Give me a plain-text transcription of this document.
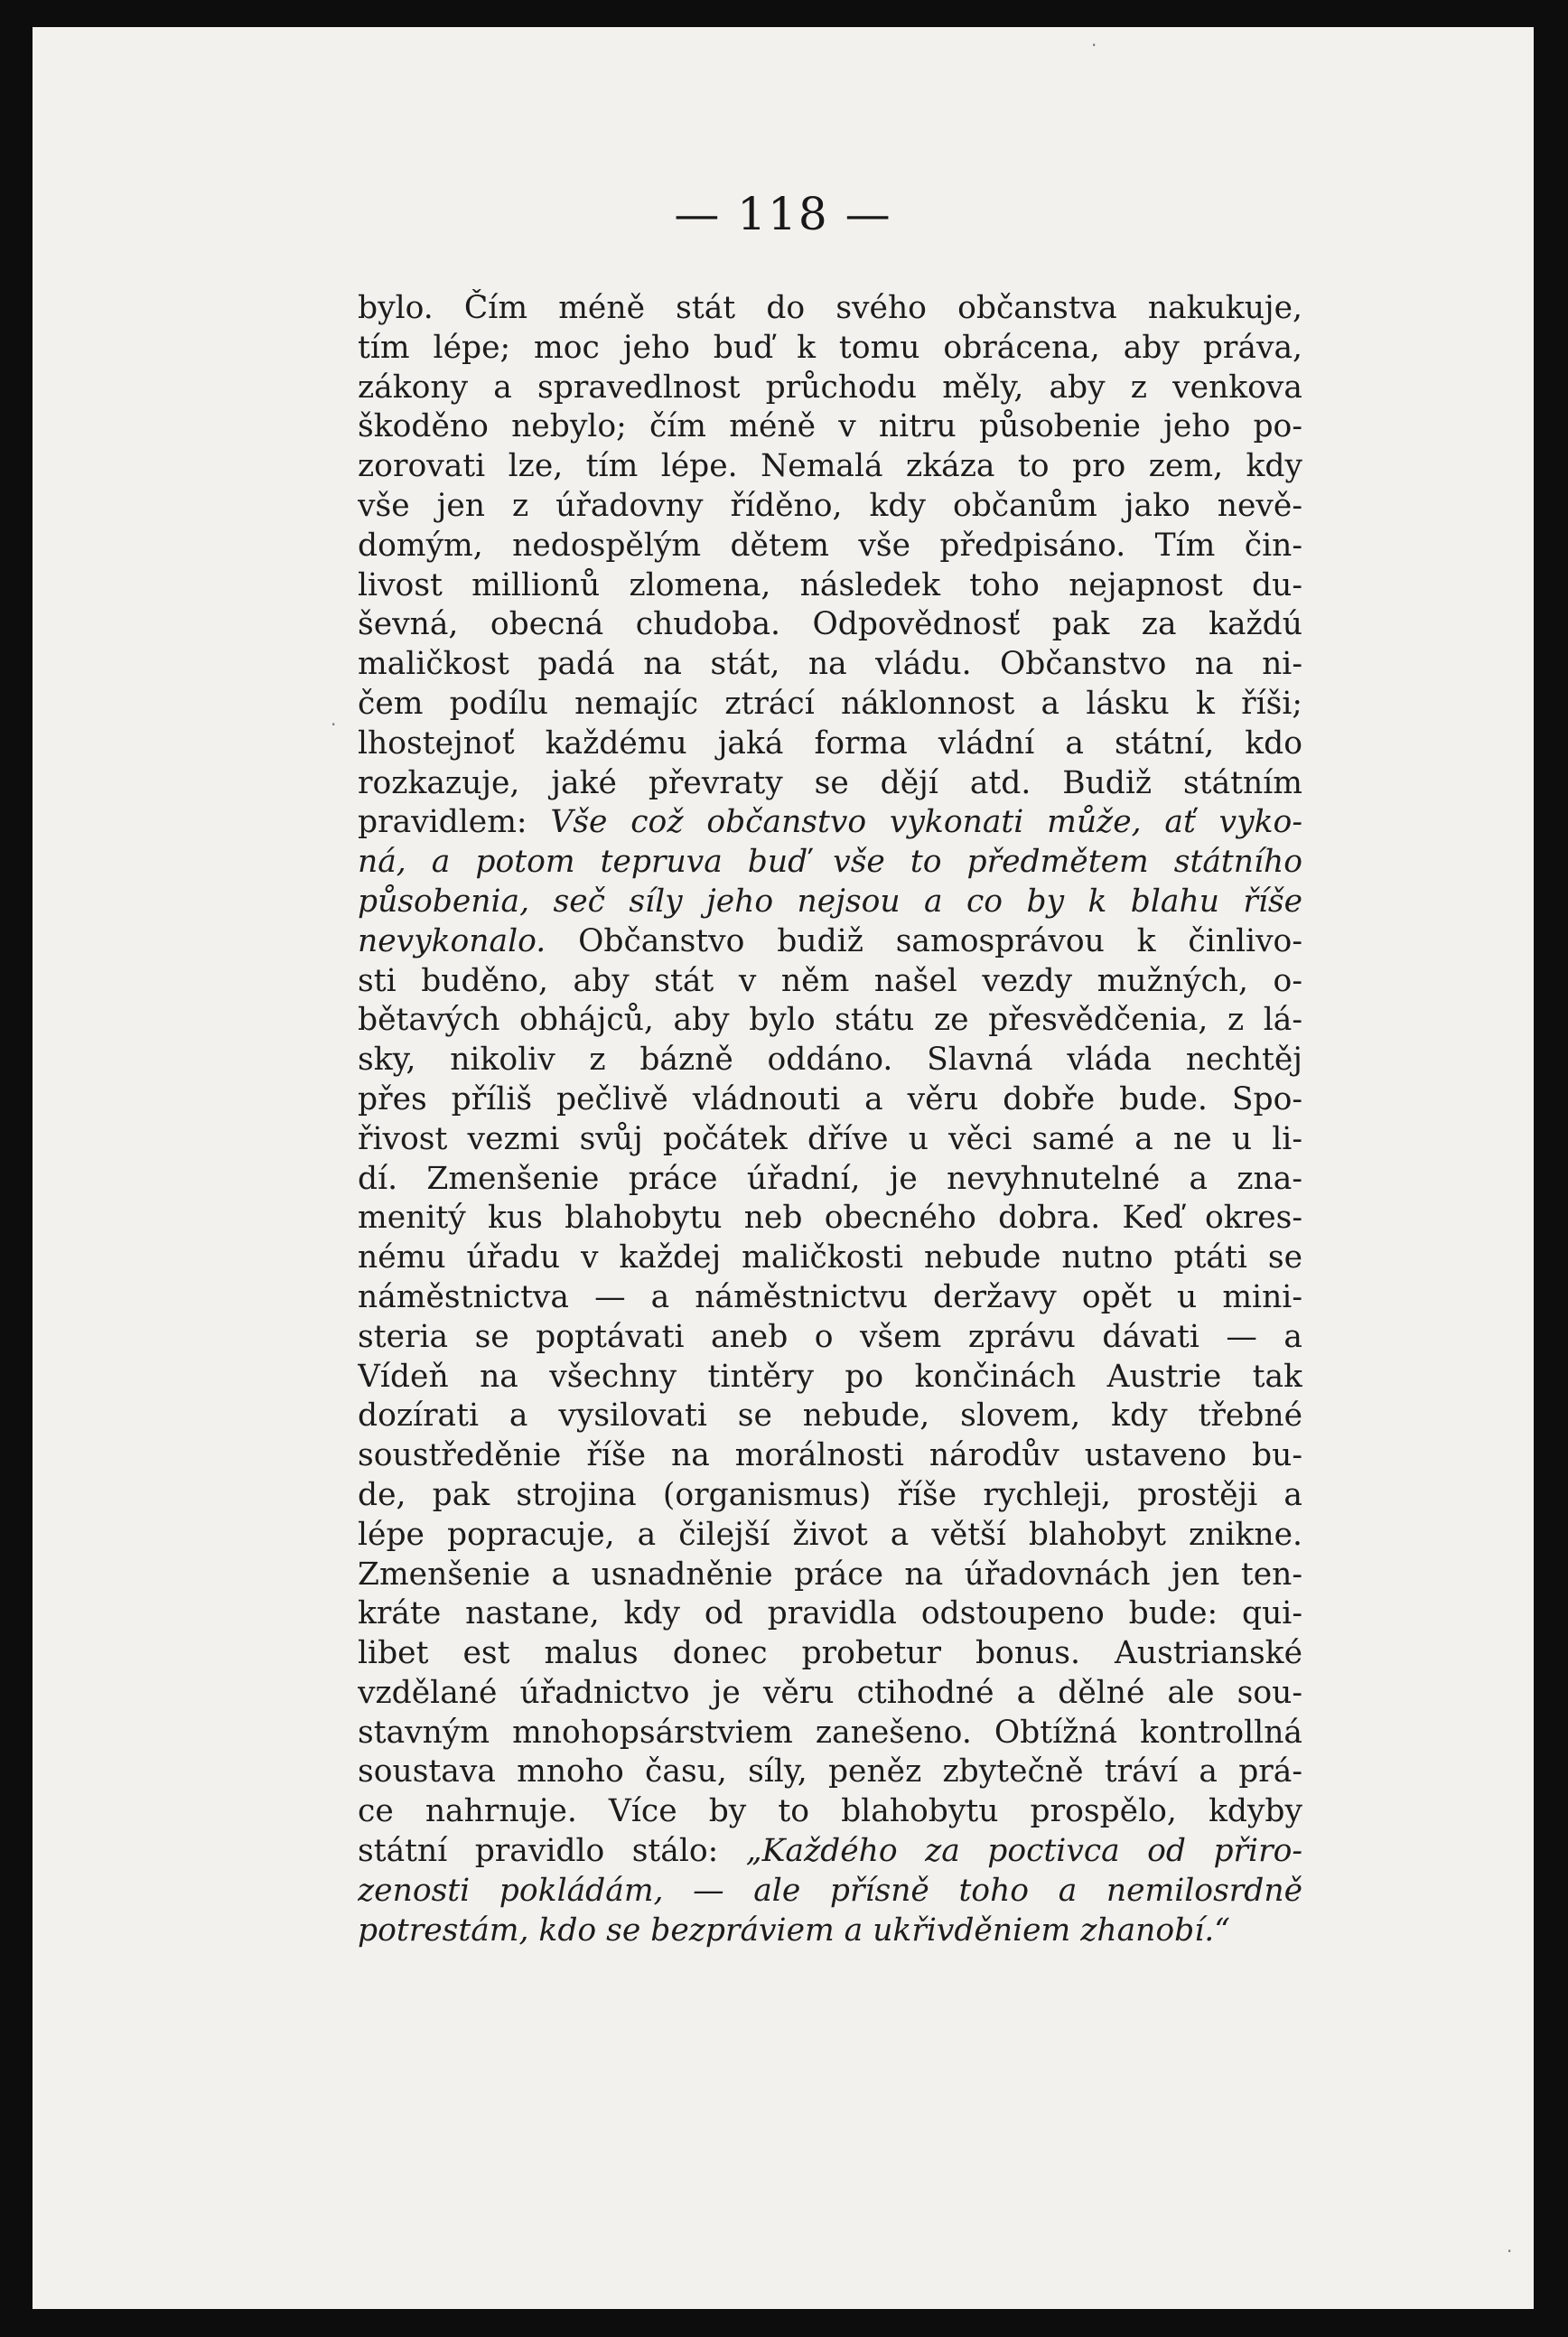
— 118 —
bylo. Čím méně stát do svého občanstva nakukuje,
tím lépe; moc jeho buď k tomu obrácena, aby práva,
zákony a spravedlnost průchodu měly, aby z venkova
škoděno nebylo; čím méně v nitru působenie jeho po-
zorovati lze, tím lépe. Nemalá zkáza to pro zem, kdy
vše jen z úřadovny říděno, kdy občanům jako nevě-
domým, nedospělým dětem vše předpisáno. Tím čin-
livost millionů zlomena, následek toho nejapnost du-
ševná, obecná chudoba. Odpovědnosť pak za každú
maličkost padá na stát, na vládu. Občanstvo na ni-
čem podílu nemajíc ztrácí náklonnost a lásku k říši;
lhostejnoť každému jaká forma vládní a státní, kdo
rozkazuje, jaké převraty se dějí atd. Budiž státním
pravidlem: Vše což občanstvo vykonati může, ať vyko-
ná, a potom tepruva buď vše to předmětem státního
působenia, seč síly jeho nejsou a co by k blahu říše
nevykonalo. Občanstvo budiž samosprávou k činlivo-
sti buděno, aby stát v něm našel vezdy mužných, o-
bětavých obhájců, aby bylo státu ze přesvědčenia, z lá-
sky, nikoliv z bázně oddáno. Slavná vláda nechtěj
přes příliš pečlivě vládnouti a věru dobře bude. Spo-
řivost vezmi svůj počátek dříve u věci samé a ne u li-
dí. Zmenšenie práce úřadní, je nevyhnutelné a zna-
menitý kus blahobytu neb obecného dobra. Keď okres-
nému úřadu v každej maličkosti nebude nutno ptáti se
náměstnictva — a náměstnictvu deržavy opět u mini-
steria se poptávati aneb o všem zprávu dávati — a
Vídeň na všechny tintěry po končinách Austrie tak
dozírati a vysilovati se nebude, slovem, kdy třebné
soustředěnie říše na morálnosti národův ustaveno bu-
de, pak strojina (organismus) říše rychleji, prostěji a
lépe popracuje, a čilejší život a větší blahobyt znikne.
Zmenšenie a usnadněnie práce na úřadovnách jen ten-
kráte nastane, kdy od pravidla odstoupeno bude: qui-
libet est malus donec probetur bonus. Austrianské
vzdělané úřadnictvo je věru ctihodné a dělné ale sou-
stavným mnohopsárstviem zanešeno. Obtížná kontrollná
soustava mnoho času, síly, peněz zbytečně tráví a prá-
ce nahrnuje. Více by to blahobytu prospělo, kdyby
státní pravidlo stálo: „Každého za poctivca od přiro-
zenosti pokládám, — ale přísně toho a nemilosrdně
potrestám, kdo se bezpráviem a ukřivděniem zhanobí.“
·
·
·
